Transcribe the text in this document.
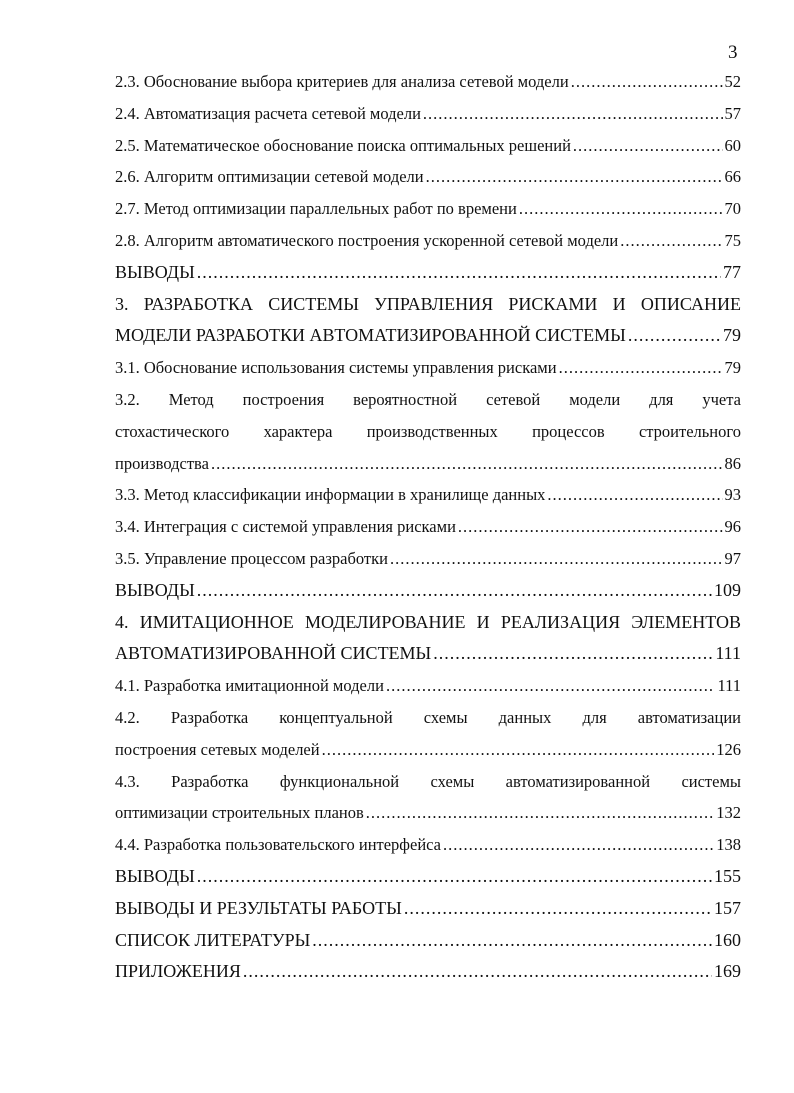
3
2.3. Обоснование выбора критериев для анализа сетевой модели .....	52
2.4. Автоматизация расчета сетевой модели .....	57
2.5. Математическое обоснование поиска оптимальных решений .....	60
2.6. Алгоритм оптимизации сетевой модели .....	66
2.7. Метод оптимизации параллельных работ по времени .....	70
2.8. Алгоритм автоматического построения ускоренной сетевой модели .....	75
ВЫВОДЫ .....	77
3. РАЗРАБОТКА СИСТЕМЫ УПРАВЛЕНИЯ РИСКАМИ И ОПИСАНИЕ
МОДЕЛИ РАЗРАБОТКИ АВТОМАТИЗИРОВАННОЙ СИСТЕМЫ .....	79
3.1. Обоснование использования системы управления рисками .....	79
3.2. Метод построения вероятностной сетевой модели для учета
стохастического характера производственных процессов строительного
производства .....	86
3.3. Метод классификации информации в хранилище данных .....	93
3.4. Интеграция с системой управления рисками .....	96
3.5. Управление процессом разработки .....	97
ВЫВОДЫ .....	109
4. ИМИТАЦИОННОЕ МОДЕЛИРОВАНИЕ И РЕАЛИЗАЦИЯ ЭЛЕМЕНТОВ
АВТОМАТИЗИРОВАННОЙ СИСТЕМЫ .....	111
4.1. Разработка имитационной модели .....	111
4.2. Разработка концептуальной схемы данных для автоматизации
построения сетевых моделей .....	126
4.3. Разработка функциональной схемы автоматизированной системы
оптимизации строительных планов .....	132
4.4. Разработка пользовательского интерфейса .....	138
ВЫВОДЫ .....	155
ВЫВОДЫ И РЕЗУЛЬТАТЫ РАБОТЫ .....	157
СПИСОК ЛИТЕРАТУРЫ .....	160
ПРИЛОЖЕНИЯ .....	169
